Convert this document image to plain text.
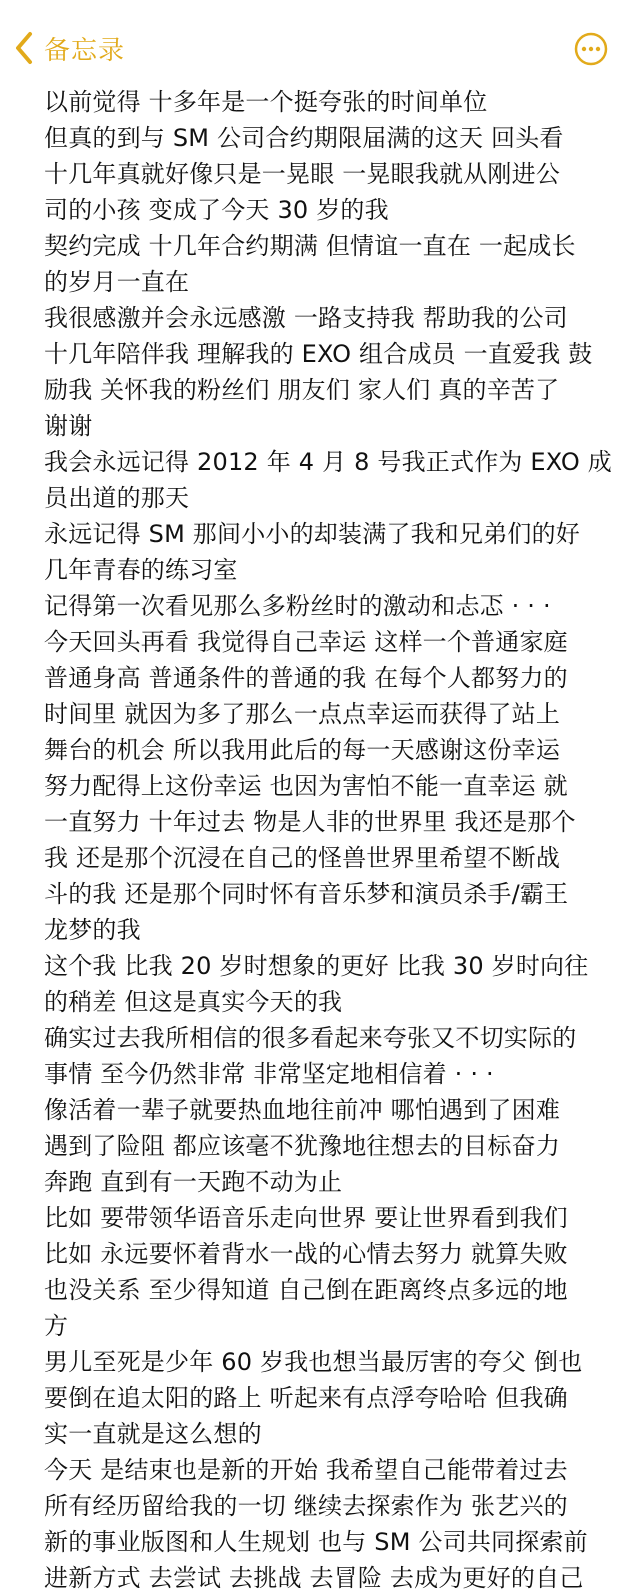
备忘录
以前觉得 十多年是一个挺夸张的时间单位
但真的到与 SM 公司合约期限届满的这天 回头看
十几年真就好像只是一晃眼 一晃眼我就从刚进公
司的小孩 变成了今天 30 岁的我
契约完成 十几年合约期满 但情谊一直在 一起成长
的岁月一直在
我很感激并会永远感激 一路支持我 帮助我的公司
十几年陪伴我 理解我的 EXO 组合成员 一直爱我 鼓
励我 关怀我的粉丝们 朋友们 家人们 真的辛苦了
谢谢
我会永远记得 2012 年 4 月 8 号我正式作为 EXO 成
员出道的那天
永远记得 SM 那间小小的却装满了我和兄弟们的好
几年青春的练习室
记得第一次看见那么多粉丝时的激动和忐忑 · · ·
今天回头再看 我觉得自己幸运 这样一个普通家庭
普通身高 普通条件的普通的我 在每个人都努力的
时间里 就因为多了那么一点点幸运而获得了站上
舞台的机会 所以我用此后的每一天感谢这份幸运
努力配得上这份幸运 也因为害怕不能一直幸运 就
一直努力 十年过去 物是人非的世界里 我还是那个
我 还是那个沉浸在自己的怪兽世界里希望不断战
斗的我 还是那个同时怀有音乐梦和演员杀手/霸王
龙梦的我
这个我 比我 20 岁时想象的更好 比我 30 岁时向往
的稍差 但这是真实今天的我
确实过去我所相信的很多看起来夸张又不切实际的
事情 至今仍然非常 非常坚定地相信着 · · ·
像活着一辈子就要热血地往前冲 哪怕遇到了困难
遇到了险阻 都应该毫不犹豫地往想去的目标奋力
奔跑 直到有一天跑不动为止
比如 要带领华语音乐走向世界 要让世界看到我们
比如 永远要怀着背水一战的心情去努力 就算失败
也没关系 至少得知道 自己倒在距离终点多远的地
方
男儿至死是少年 60 岁我也想当最厉害的夸父 倒也
要倒在追太阳的路上 听起来有点浮夸哈哈 但我确
实一直就是这么想的
今天 是结束也是新的开始 我希望自己能带着过去
所有经历留给我的一切 继续去探索作为 张艺兴的
新的事业版图和人生规划 也与 SM 公司共同探索前
进新方式 去尝试 去挑战 去冒险 去成为更好的自己
